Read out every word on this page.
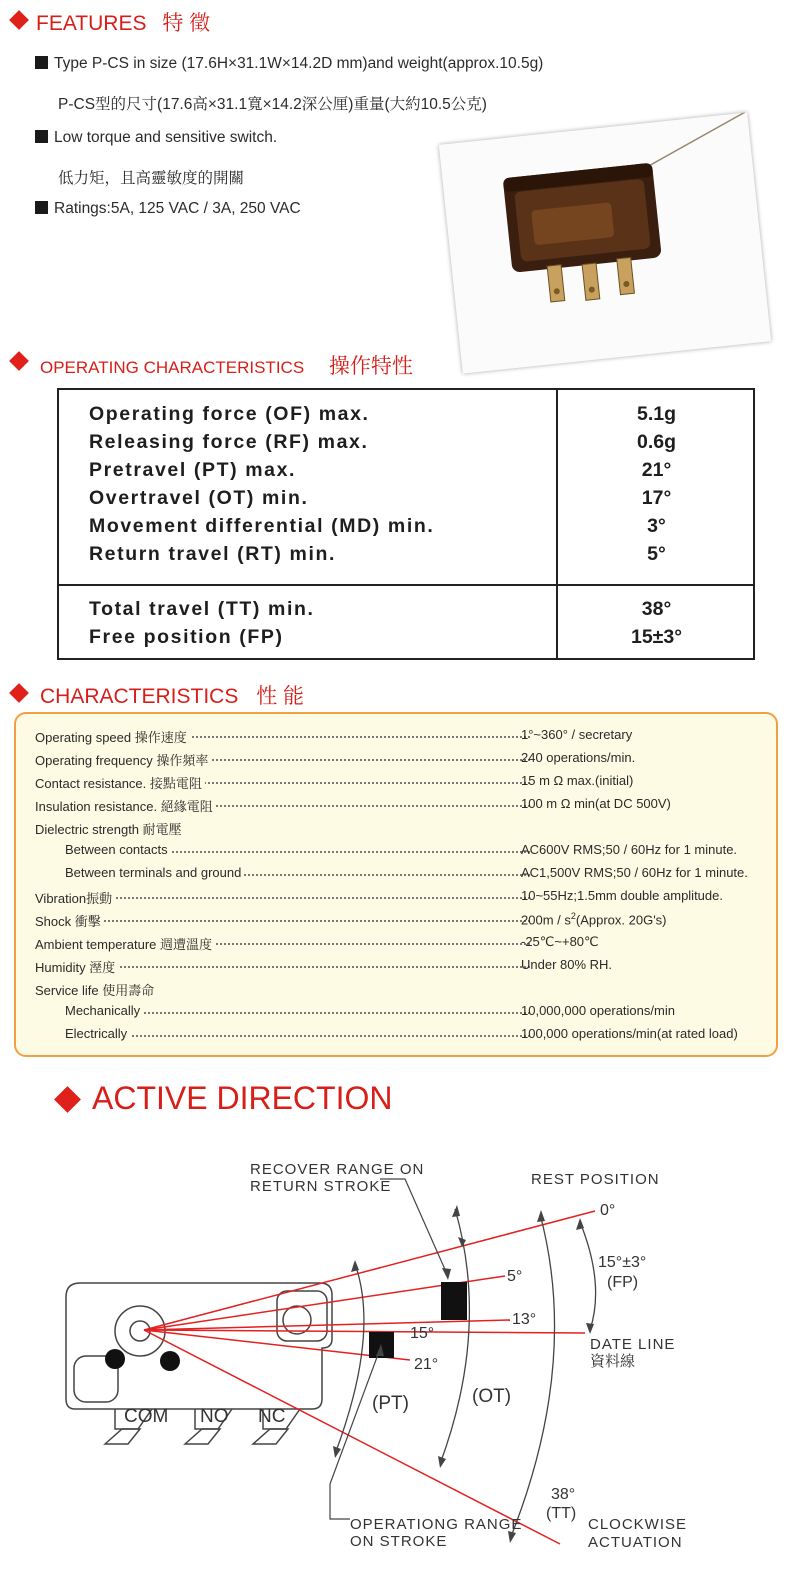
FEATURES 特 徵
Type P-CS in size (17.6H×31.1W×14.2D mm)and weight(approx.10.5g)
P-CS型的尺寸(17.6高×31.1寬×14.2深公厘)重量(大約10.5公克)
Low torque and sensitive switch.
低力矩，且高靈敏度的開關
Ratings:5A, 125 VAC / 3A, 250 VAC
OPERATING CHARACTERISTICS 操作特性
Operating force (OF) max.	5.1g
Releasing force (RF) max.	0.6g
Pretravel (PT) max.	21°
Overtravel (OT) min.	17°
Movement differential (MD) min.	3°
Return travel (RT) min.	5°
Total travel (TT) min.	38°
Free position (FP)	15±3°
CHARACTERISTICS 性 能
Operating speed 操作速度	1°~360° / secretary
Operating frequency 操作頻率	240 operations/min.
Contact resistance. 接點電阻	15 m Ω max.(initial)
Insulation resistance. 絕緣電阻	100 m Ω min(at DC 500V)
Dielectric strength 耐電壓
Between contacts	AC600V RMS;50 / 60Hz for 1 minute.
Between terminals and ground	AC1,500V RMS;50 / 60Hz for 1 minute.
Vibration振動	10~55Hz;1.5mm double amplitude.
Shock 衝擊	$200m / s^2(Approx$. 20G's)
Ambient temperature 週遭溫度	-25℃~+80℃
Humidity 溼度	Under 80% RH.
Service life 使用壽命
Mechanically	10,000,000 operations/min
Electrically	100,000 operations/min(at rated load)
ACTIVE DIRECTION
COM NO NC
RECOVER RANGE ON
RETURN STROKE	REST POSITION
0°
5°
13°
15°
21°
15°±3°
(FP)
DATE LINE
資料線
(PT)	(OT)
38°
(TT)
OPERATIONG RANGE
ON STROKE
CLOCKWISE
ACTUATION
